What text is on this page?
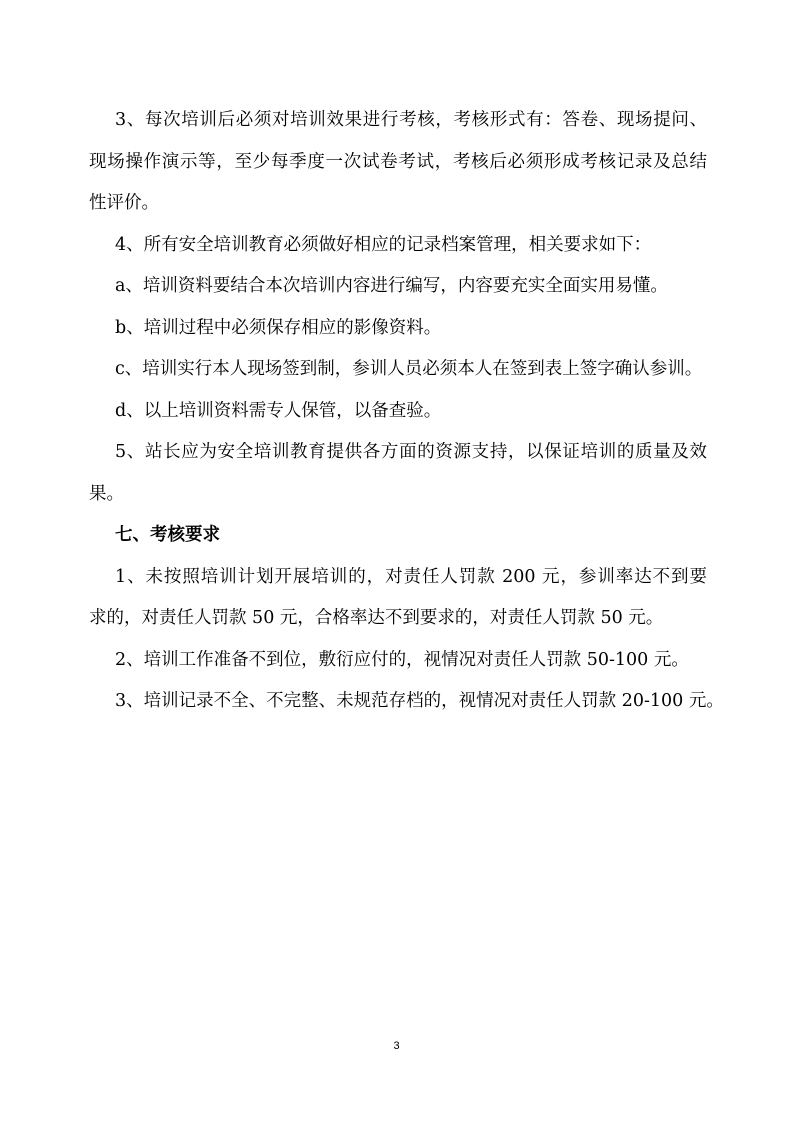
3、每次培训后必须对培训效果进行考核，考核形式有：答卷、现场提问、
现场操作演示等，至少每季度一次试卷考试，考核后必须形成考核记录及总结
性评价。
4、所有安全培训教育必须做好相应的记录档案管理，相关要求如下：
a、培训资料要结合本次培训内容进行编写，内容要充实全面实用易懂。
b、培训过程中必须保存相应的影像资料。
c、培训实行本人现场签到制，参训人员必须本人在签到表上签字确认参训。
d、以上培训资料需专人保管，以备查验。
5、站长应为安全培训教育提供各方面的资源支持，以保证培训的质量及效
果。
七、考核要求
1、未按照培训计划开展培训的，对责任人罚款 200 元，参训率达不到要
求的，对责任人罚款 50 元，合格率达不到要求的，对责任人罚款 50 元。
2、培训工作准备不到位，敷衍应付的，视情况对责任人罚款 50-100 元。
3、培训记录不全、不完整、未规范存档的，视情况对责任人罚款 20-100 元。
3
